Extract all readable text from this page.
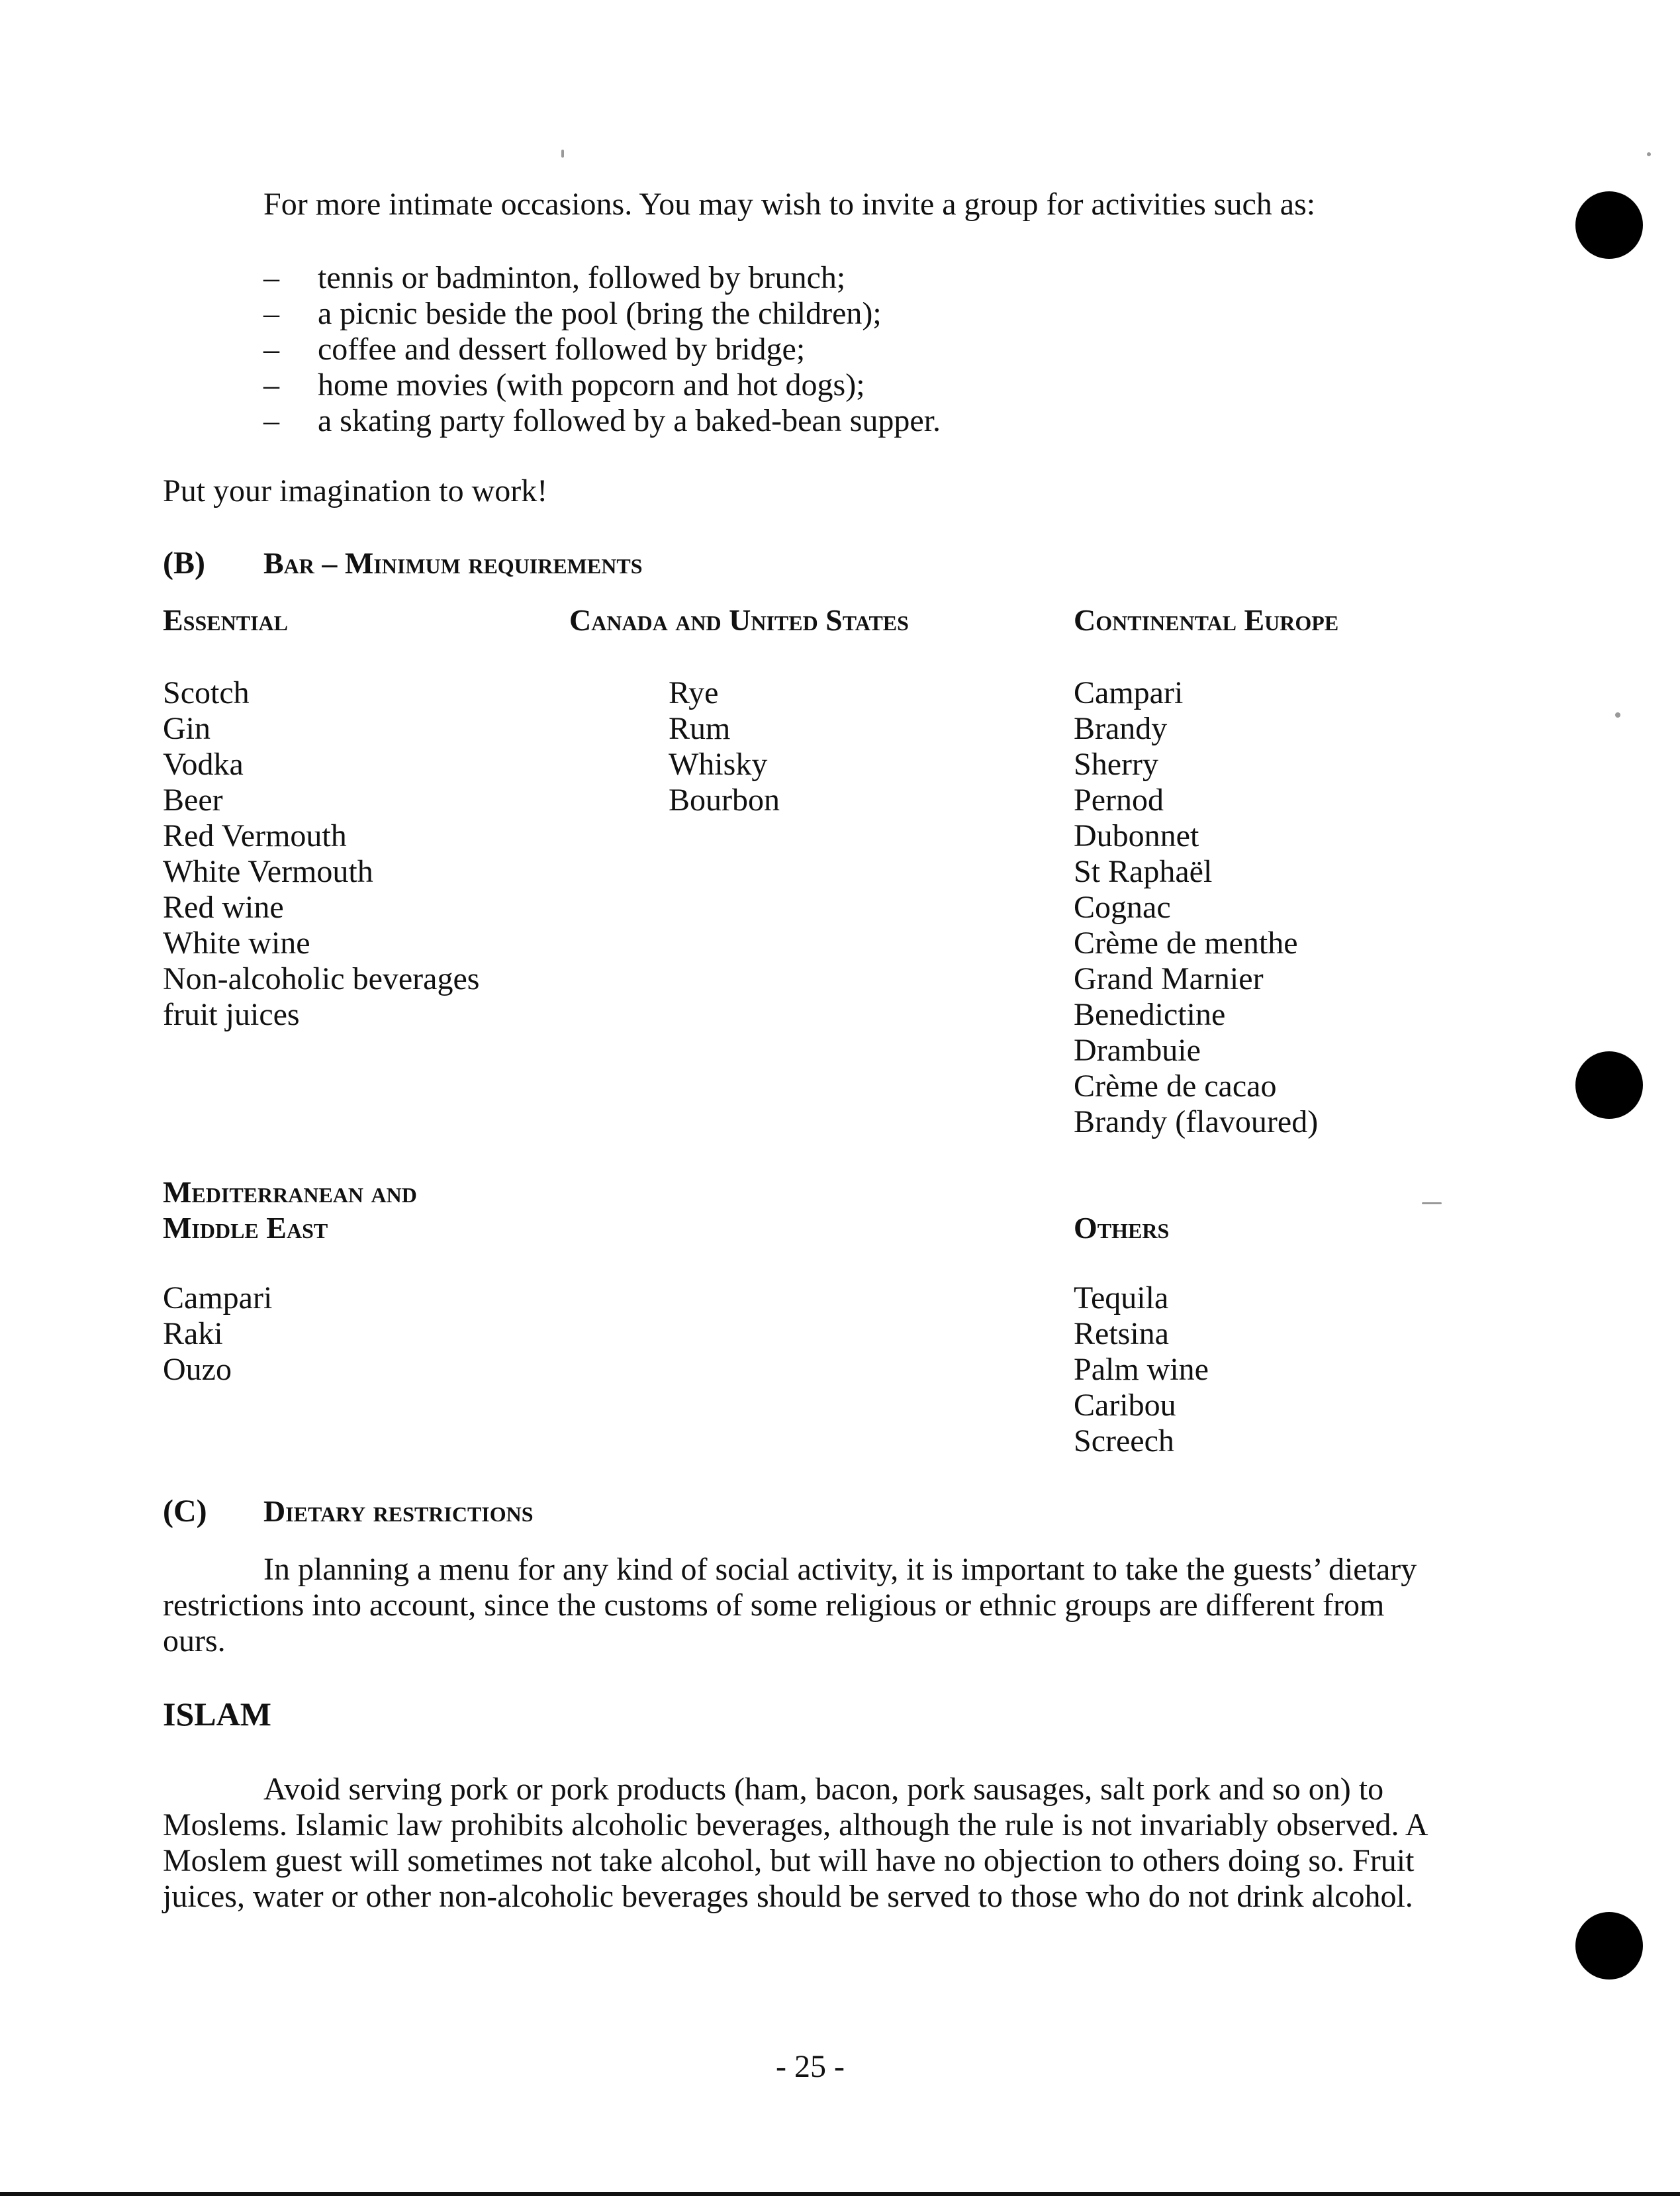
For more intimate occasions. You may wish to invite a group for activities such as:
– tennis or badminton, followed by brunch;
– a picnic beside the pool (bring the children);
– coffee and dessert followed by bridge;
– home movies (with popcorn and hot dogs);
– a skating party followed by a baked-bean supper.
Put your imagination to work!
(B) Bar – Minimum requirements
Essential	Canada and United States	Continental Europe
Scotch
Gin
Vodka
Beer
Red Vermouth
White Vermouth
Red wine
White wine
Non-alcoholic beverages
fruit juices
Rye
Rum
Whisky
Bourbon
Campari
Brandy
Sherry
Pernod
Dubonnet
St Raphaël
Cognac
Crème de menthe
Grand Marnier
Benedictine
Drambuie
Crème de cacao
Brandy (flavoured)
Mediterranean and
Middle East
Campari
Raki
Ouzo
Others
Tequila
Retsina
Palm wine
Caribou
Screech
(C) Dietary restrictions
In planning a menu for any kind of social activity, it is important to take the guests’ dietary restrictions into account, since the customs of some religious or ethnic groups are different from ours.
ISLAM
Avoid serving pork or pork products (ham, bacon, pork sausages, salt pork and so on) to Moslems. Islamic law prohibits alcoholic beverages, although the rule is not invariably observed. A Moslem guest will sometimes not take alcohol, but will have no objection to others doing so. Fruit juices, water or other non-alcoholic beverages should be served to those who do not drink alcohol.
- 25 -
